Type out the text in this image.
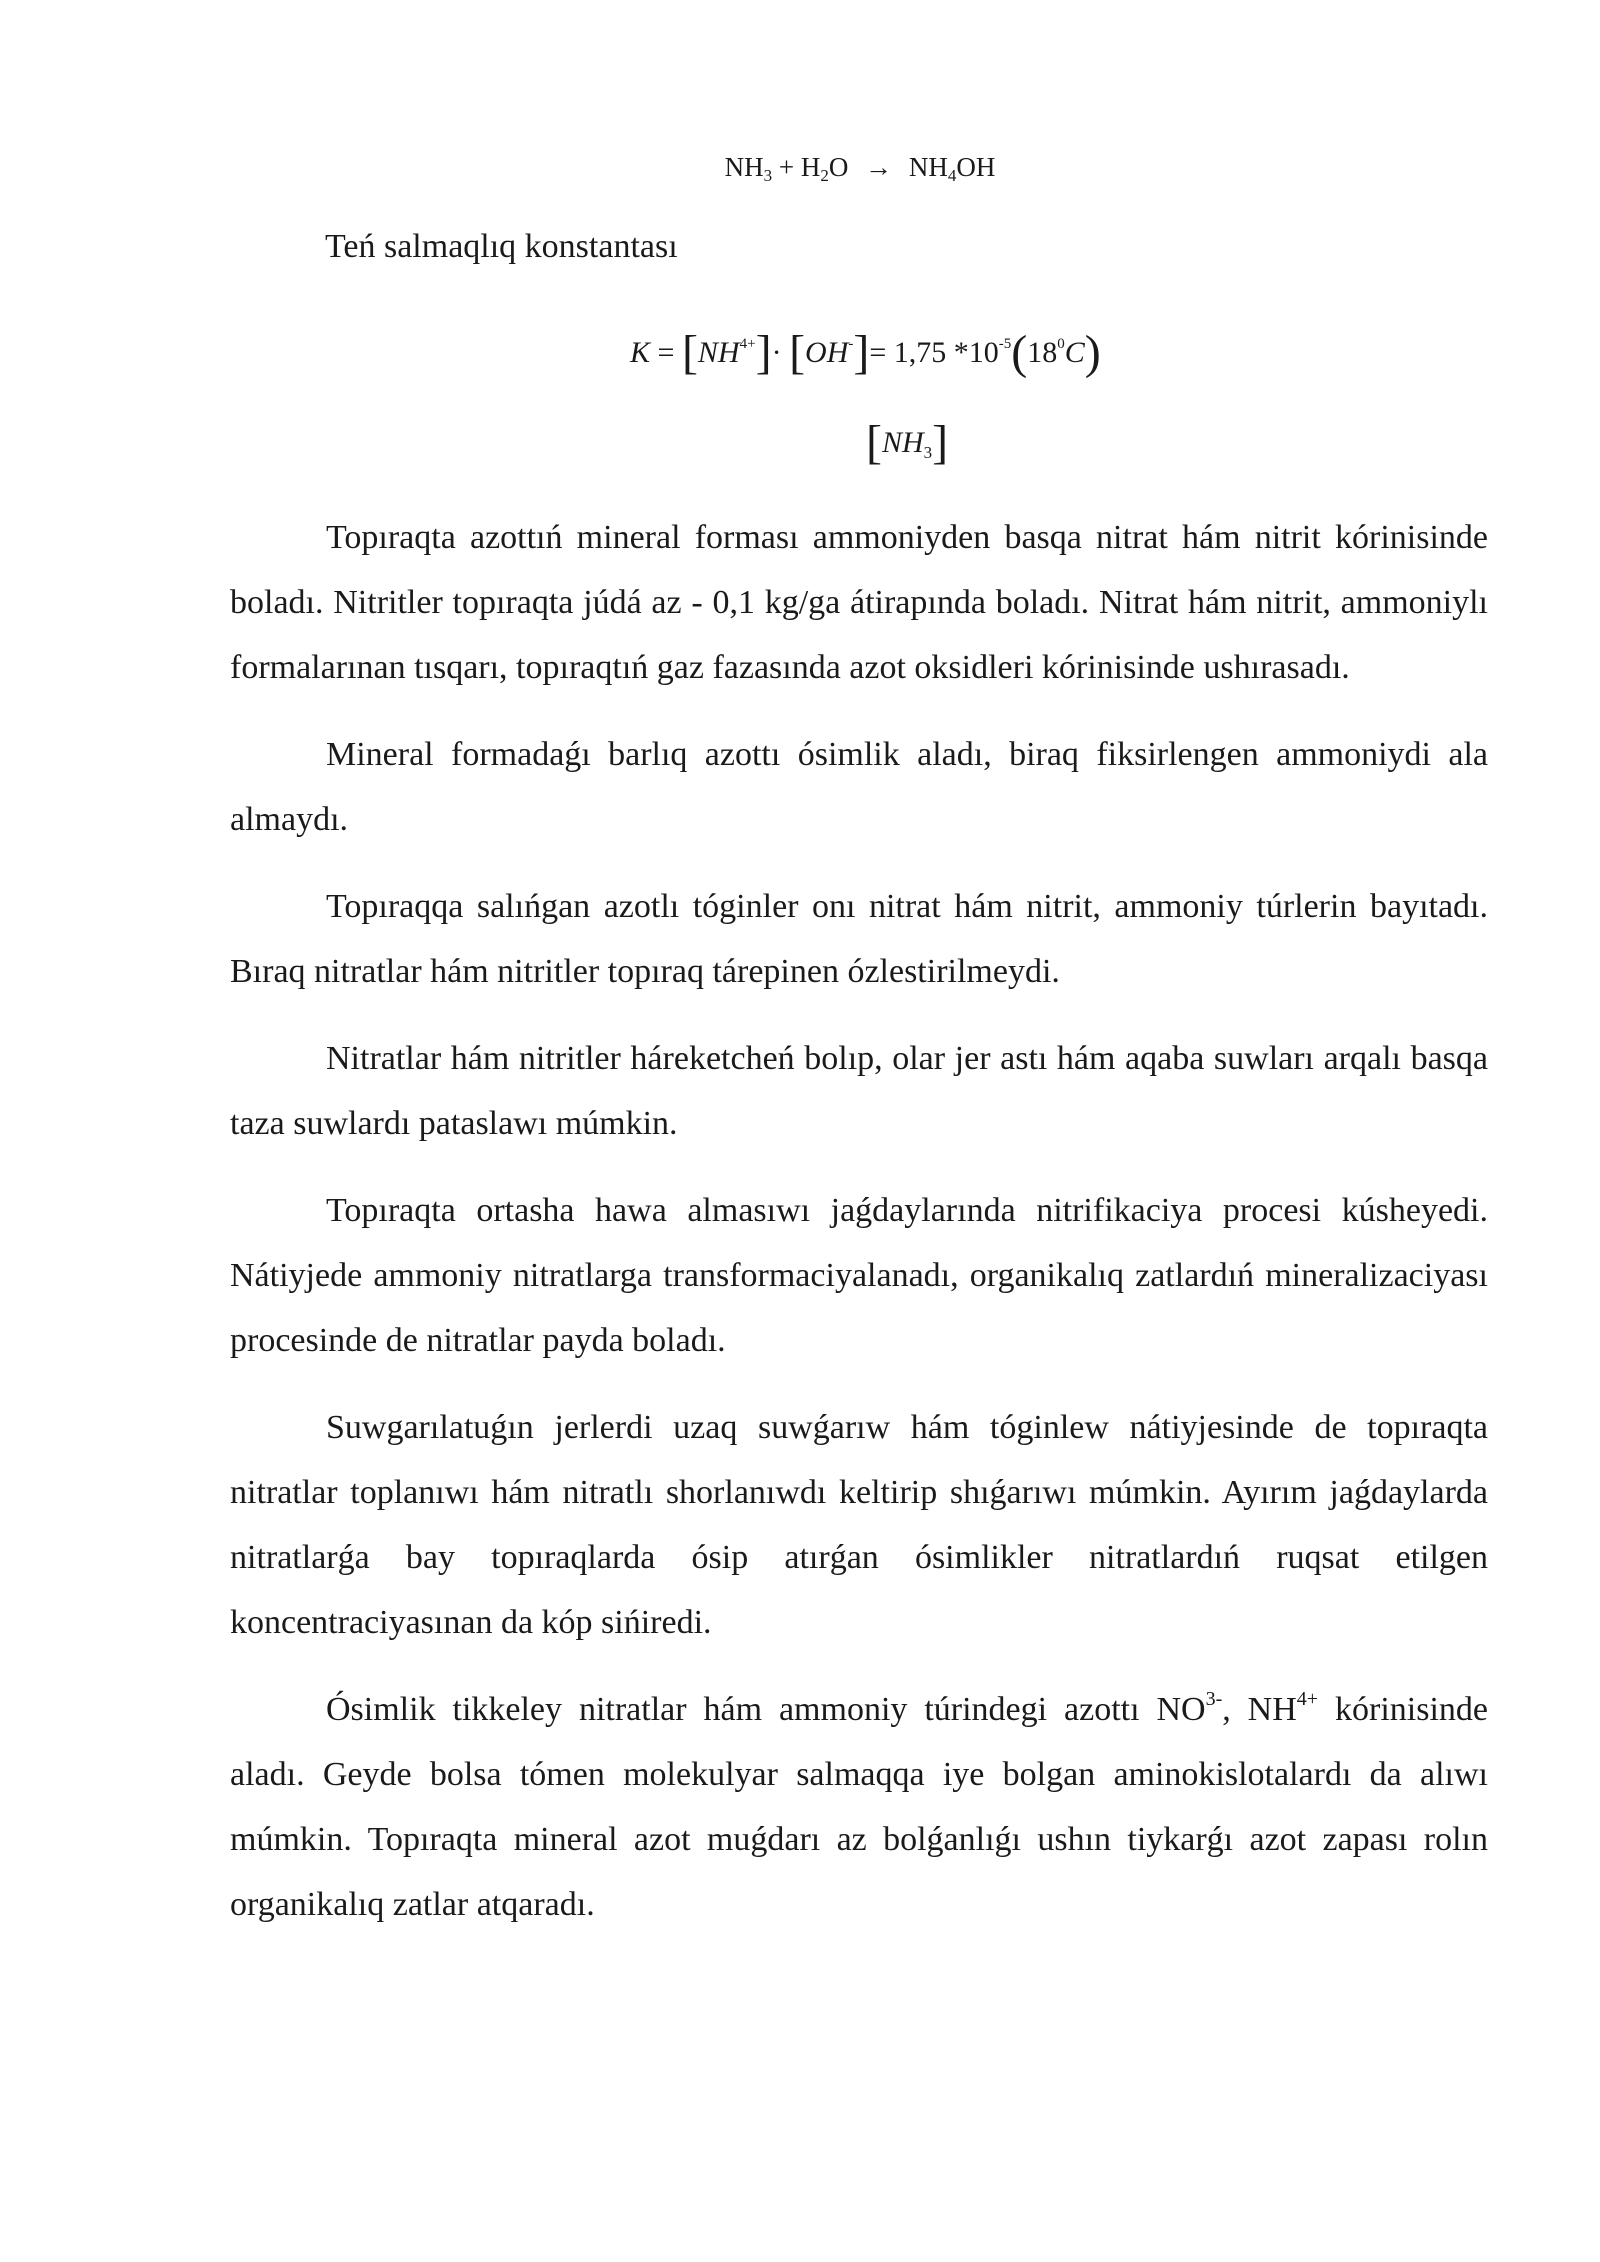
$NH_3 + H_2O \to NH_4OH$
Teń salmaqlıq konstantası
$K = [NH^{4+}]\cdot [OH^-]= 1,75$ $*10^{-5}(18^0C)$
$[NH_3]$

Topıraqta azottıń mineral forması ammoniyden basqa nitrat hám nitrit kórinisinde boladı. Nitritler topıraqta júdá az - 0,1 kg/ga átirapında boladı. Nitrat hám nitrit, ammoniylı formalarınan tısqarı, topıraqtıń gaz fazasında azot oksidleri kórinisinde ushırasadı.

Mineral formadaǵı barlıq azottı ósimlik aladı, biraq fiksirlengen ammoniydi ala almaydı.

Topıraqqa salıńgan azotlı tóginler onı nitrat hám nitrit, ammoniy túrlerin bayıtadı. Bıraq nitratlar hám nitritler topıraq tárepinen ózlestirilmeydi.

Nitratlar hám nitritler háreketcheń bolıp, olar jer astı hám aqaba suwları arqalı basqa taza suwlardı pataslawı múmkin.

Topıraqta ortasha hawa almasıwı jaǵdaylarında nitrifikaciya procesi kúsheyedi. Nátiyjede ammoniy nitratlarga transformaciyalanadı, organikalıq zatlardıń mineralizaciyası procesinde de nitratlar payda boladı.

Suwgarılatuǵın jerlerdi uzaq suwǵarıw hám tóginlew nátiyjesinde de topıraqta nitratlar toplanıwı hám nitratlı shorlanıwdı keltirip shıǵarıwı múmkin. Ayırım jaǵdaylarda nitratlarǵa bay topıraqlarda ósip atırǵan ósimlikler nitratlardıń ruqsat etilgen koncentraciyasınan da kóp sińiredi.

Ósimlik tikkeley nitratlar hám ammoniy túrindegi azottı $NO^{3-}$, $NH^{4+}$ kórinisinde aladı. Geyde bolsa tómen molekulyar salmaqqa iye bolgan aminokislotalardı da alıwı múmkin. Topıraqta mineral azot muǵdarı az bolǵanlıǵı ushın tiykarǵı azot zapası rolın organikalıq zatlar atqaradı.
